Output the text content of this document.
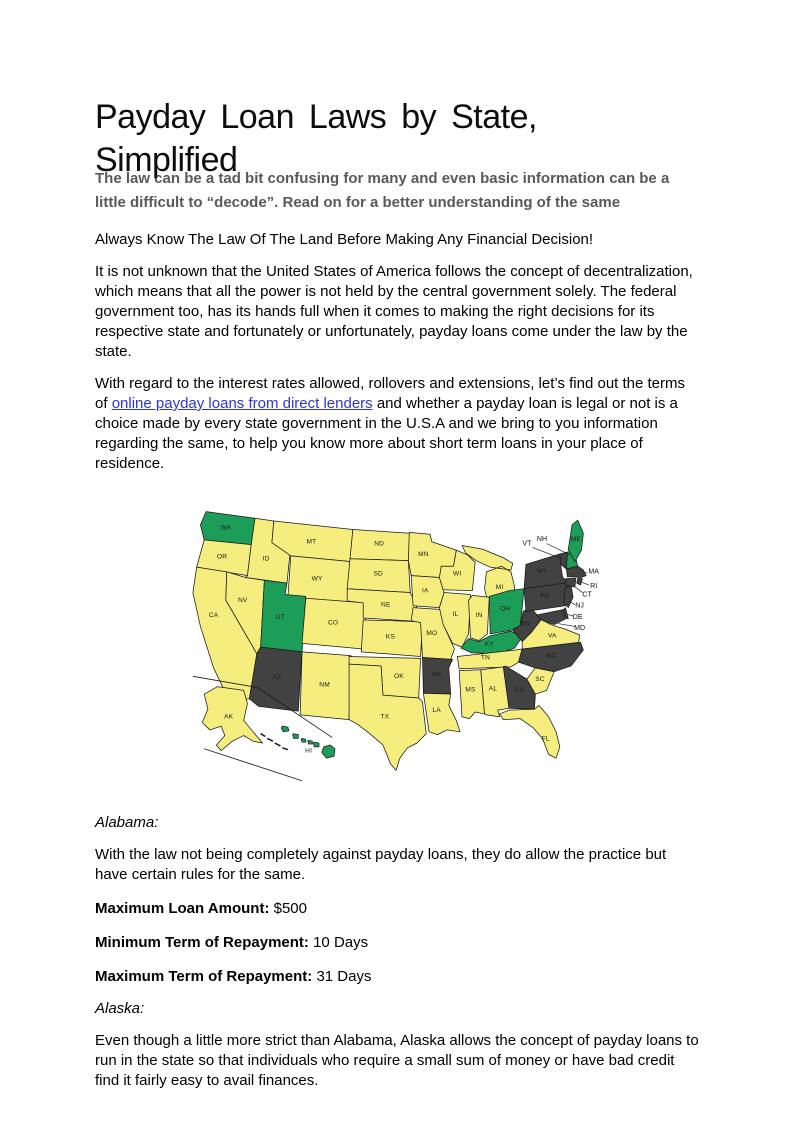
Payday Loan Laws by State,
Simplified
The law can be a tad bit confusing for many and even basic information can be a little difficult to “decode”. Read on for a better understanding of the same

Always Know The Law Of The Land Before Making Any Financial Decision!

It is not unknown that the United States of America follows the concept of decentralization, which means that all the power is not held by the central government solely. The federal government too, has its hands full when it comes to making the right decisions for its respective state and fortunately or unfortunately, payday loans come under the law by the state.

With regard to the interest rates allowed, rollovers and extensions, let’s find out the terms of online payday loans from direct lenders and whether a payday loan is legal or not is a choice made by every state government in the U.S.A and we bring to you information regarding the same, to help you know more about short term loans in your place of residence.

WA
OR
CA
NV
ID
MT
WY
UT
AZ
CO
NM
ND
SD
NE
KS
OK
TX
MN
IA
MO
AR
LA
WI
MI
IL IN
OH
KY
TN
MS AL GA
FL
SC
NC
VA
WV
PA
NY
ME
AK
HI
VT
NH
MA
RI
CT
NJ
DE
MD

Alabama:

With the law not being completely against payday loans, they do allow the practice but have certain rules for the same.

Maximum Loan Amount: $500

Minimum Term of Repayment: 10 Days

Maximum Term of Repayment: 31 Days

Alaska:

Even though a little more strict than Alabama, Alaska allows the concept of payday loans to run in the state so that individuals who require a small sum of money or have bad credit find it fairly easy to avail finances.
